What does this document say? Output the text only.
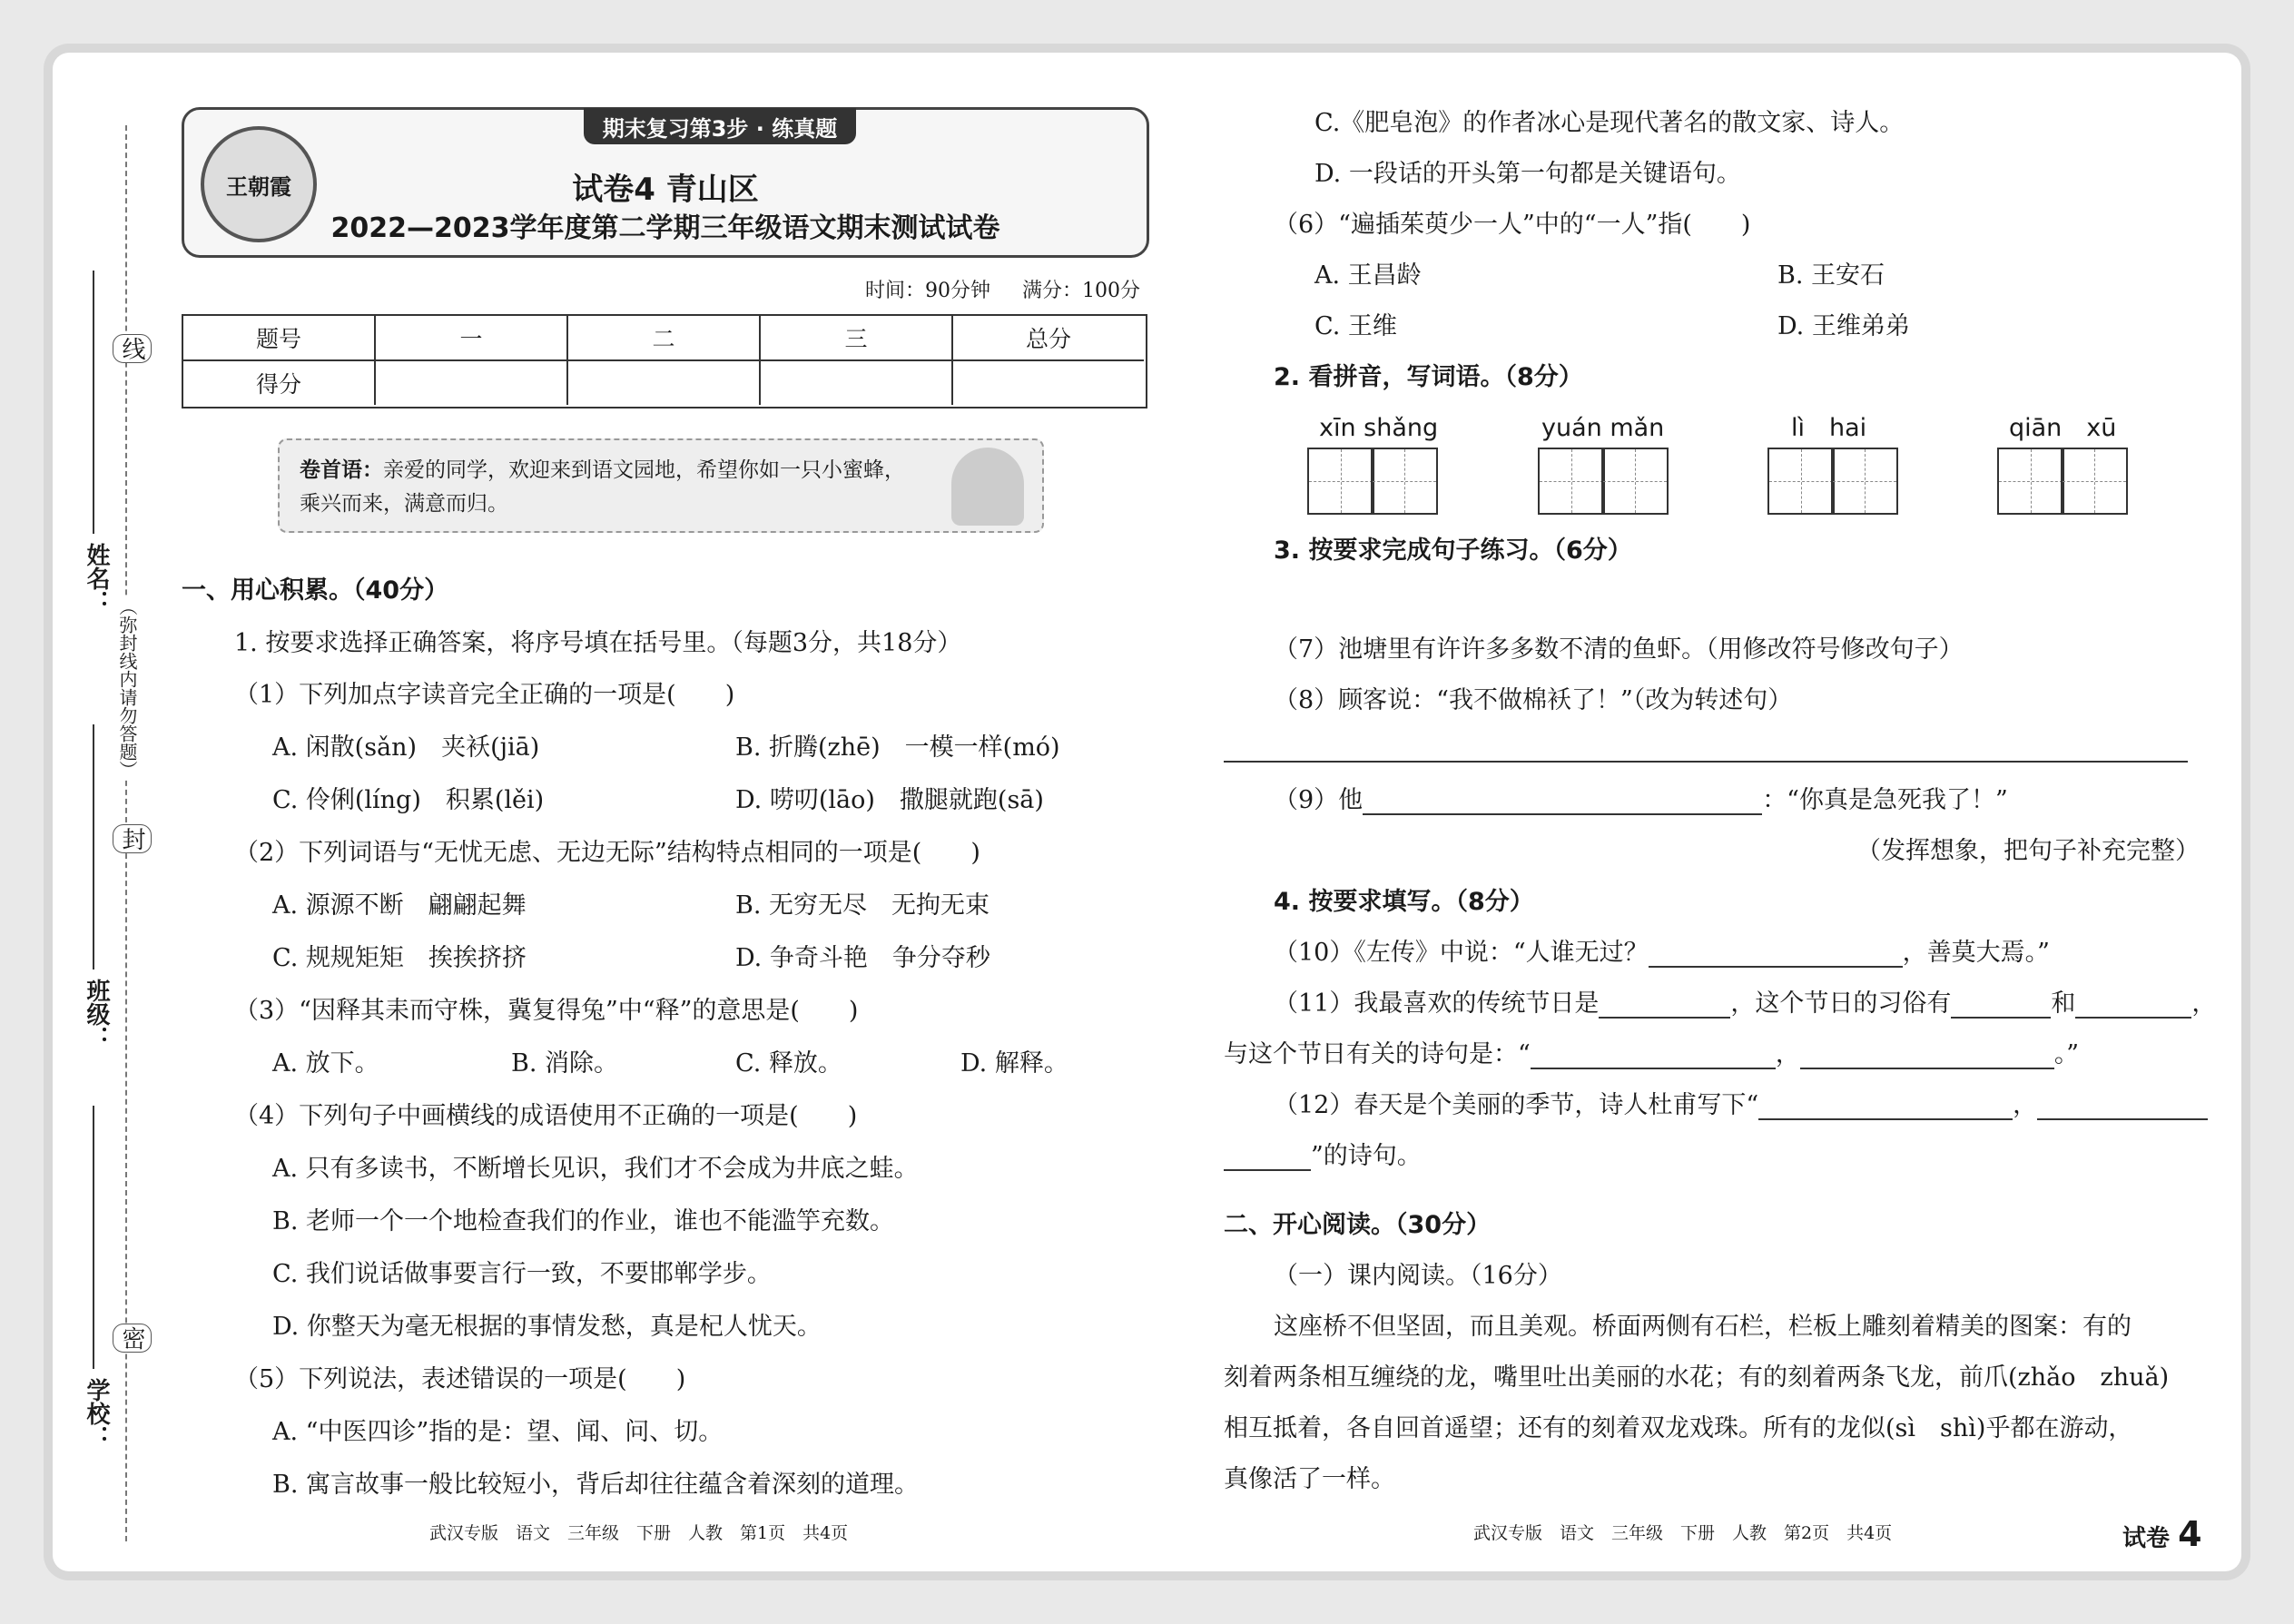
线
封
密
（弥封线内请勿答题）
姓名：
班级：
学校：
王朝霞
期末复习第3步 · 练真题
试卷4 青山区
2022—2023学年度第二学期三年级语文期末测试试卷
时间：90分钟 满分：100分
题号	一	二	三	总分
得分
卷首语：亲爱的同学，欢迎来到语文园地，希望你如一只小蜜蜂，
乘兴而来，满意而归。
一、用心积累。（40分）
1. 按要求选择正确答案，将序号填在括号里。（每题3分，共18分）
（1）下列加点字读音完全正确的一项是(　　)
A. 闲散(sǎn)　夹袄(jiā)	B. 折腾(zhē)　一模一样(mó)
C. 伶俐(líng)　积累(lěi)	D. 唠叨(lāo)　撒腿就跑(sā)
（2）下列词语与“无忧无虑、无边无际”结构特点相同的一项是(　　)
A. 源源不断　翩翩起舞	B. 无穷无尽　无拘无束
C. 规规矩矩　挨挨挤挤	D. 争奇斗艳　争分夺秒
（3）“因释其耒而守株，冀复得兔”中“释”的意思是(　　)
A. 放下。	B. 消除。	C. 释放。	D. 解释。
（4）下列句子中画横线的成语使用不正确的一项是(　　)
A. 只有多读书，不断增长见识，我们才不会成为井底之蛙。
B. 老师一个一个地检查我们的作业，谁也不能滥竽充数。
C. 我们说话做事要言行一致，不要邯郸学步。
D. 你整天为毫无根据的事情发愁，真是杞人忧天。
（5）下列说法，表述错误的一项是(　　)
A. “中医四诊”指的是：望、闻、问、切。
B. 寓言故事一般比较短小，背后却往往蕴含着深刻的道理。
武汉专版　语文　三年级　下册　人教　第1页　共4页
C.《肥皂泡》的作者冰心是现代著名的散文家、诗人。
D. 一段话的开头第一句都是关键语句。
（6）“遍插茱萸少一人”中的“一人”指(　　)
A. 王昌龄	B. 王安石
C. 王维	D. 王维弟弟
2. 看拼音，写词语。（8分）
xīn shǎng	yuán mǎn	lì　hai	qiān　xū
3. 按要求完成句子练习。（6分）
（7）池塘里有许许多多数不清的鱼虾。（用修改符号修改句子）
（8）顾客说：“我不做棉袄了！”（改为转述句）
（9）他	：“你真是急死我了！”
（发挥想象，把句子补充完整）
4. 按要求填写。（8分）
（10）《左传》中说：“人谁无过？	，善莫大焉。”
（11）我最喜欢的传统节日是	，这个节日的习俗有	和	，
与这个节日有关的诗句是：“	，	。”
（12）春天是个美丽的季节，诗人杜甫写下“	，
”的诗句。
二、开心阅读。（30分）
（一）课内阅读。（16分）
这座桥不但坚固，而且美观。桥面两侧有石栏，栏板上雕刻着精美的图案：有的
刻着两条相互缠绕的龙，嘴里吐出美丽的水花；有的刻着两条飞龙，前爪(zhǎo　zhuǎ)
相互抵着，各自回首遥望；还有的刻着双龙戏珠。所有的龙似(sì　shì)乎都在游动，
真像活了一样。
武汉专版　语文　三年级　下册　人教　第2页　共4页	试卷 4
